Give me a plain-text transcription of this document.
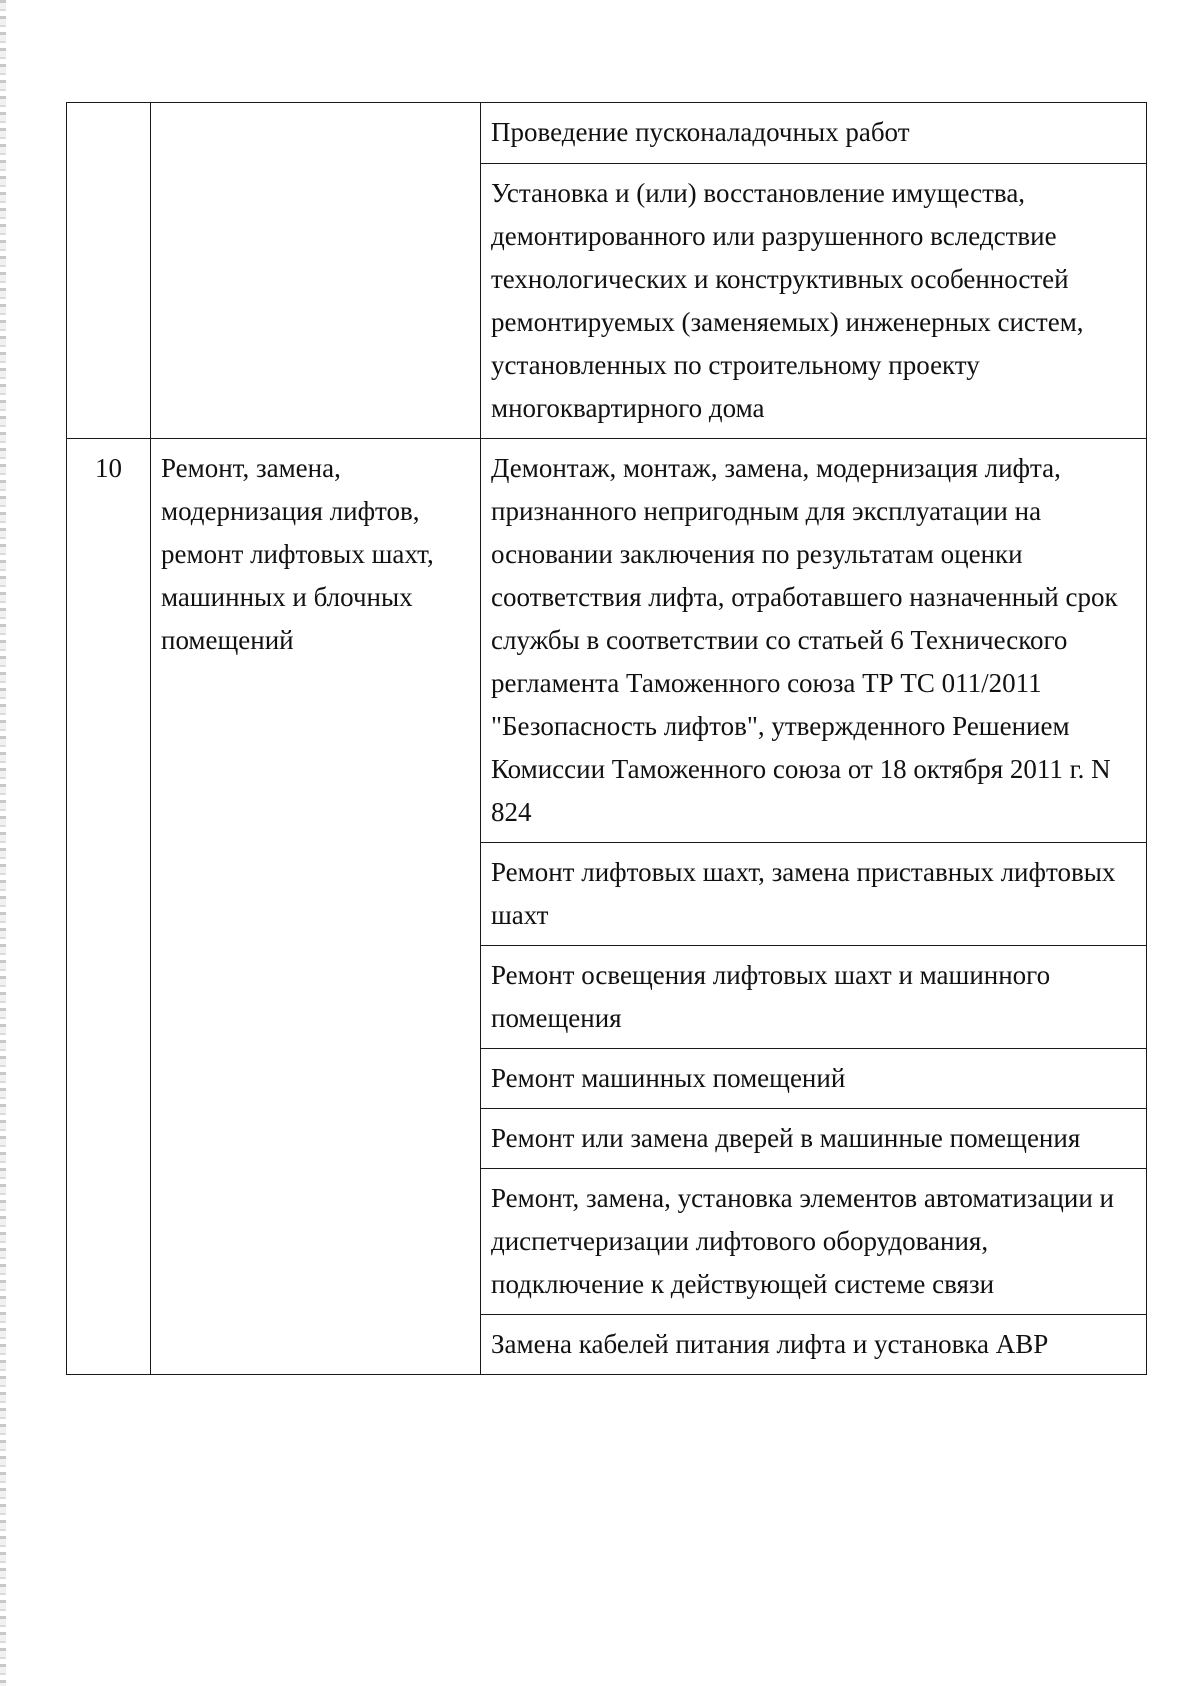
		Проведение пусконаладочных работ
		Установка и (или) восстановление имущества, демонтированного или разрушенного вследствие технологических и конструктивных особенностей ремонтируемых (заменяемых) инженерных систем, установленных по строительному проекту многоквартирного дома
10	Ремонт, замена, модернизация лифтов, ремонт лифтовых шахт, машинных и блочных помещений	Демонтаж, монтаж, замена, модернизация лифта, признанного непригодным для эксплуатации на основании заключения по результатам оценки соответствия лифта, отработавшего назначенный срок службы в соответствии со статьей 6 Технического регламента Таможенного союза ТР ТС 011/2011 "Безопасность лифтов", утвержденного Решением Комиссии Таможенного союза от 18 октября 2011 г. N 824
		Ремонт лифтовых шахт, замена приставных лифтовых шахт
		Ремонт освещения лифтовых шахт и машинного помещения
		Ремонт машинных помещений
		Ремонт или замена дверей в машинные помещения
		Ремонт, замена, установка элементов автоматизации и диспетчеризации лифтового оборудования, подключение к действующей системе связи
		Замена кабелей питания лифта и установка АВР
